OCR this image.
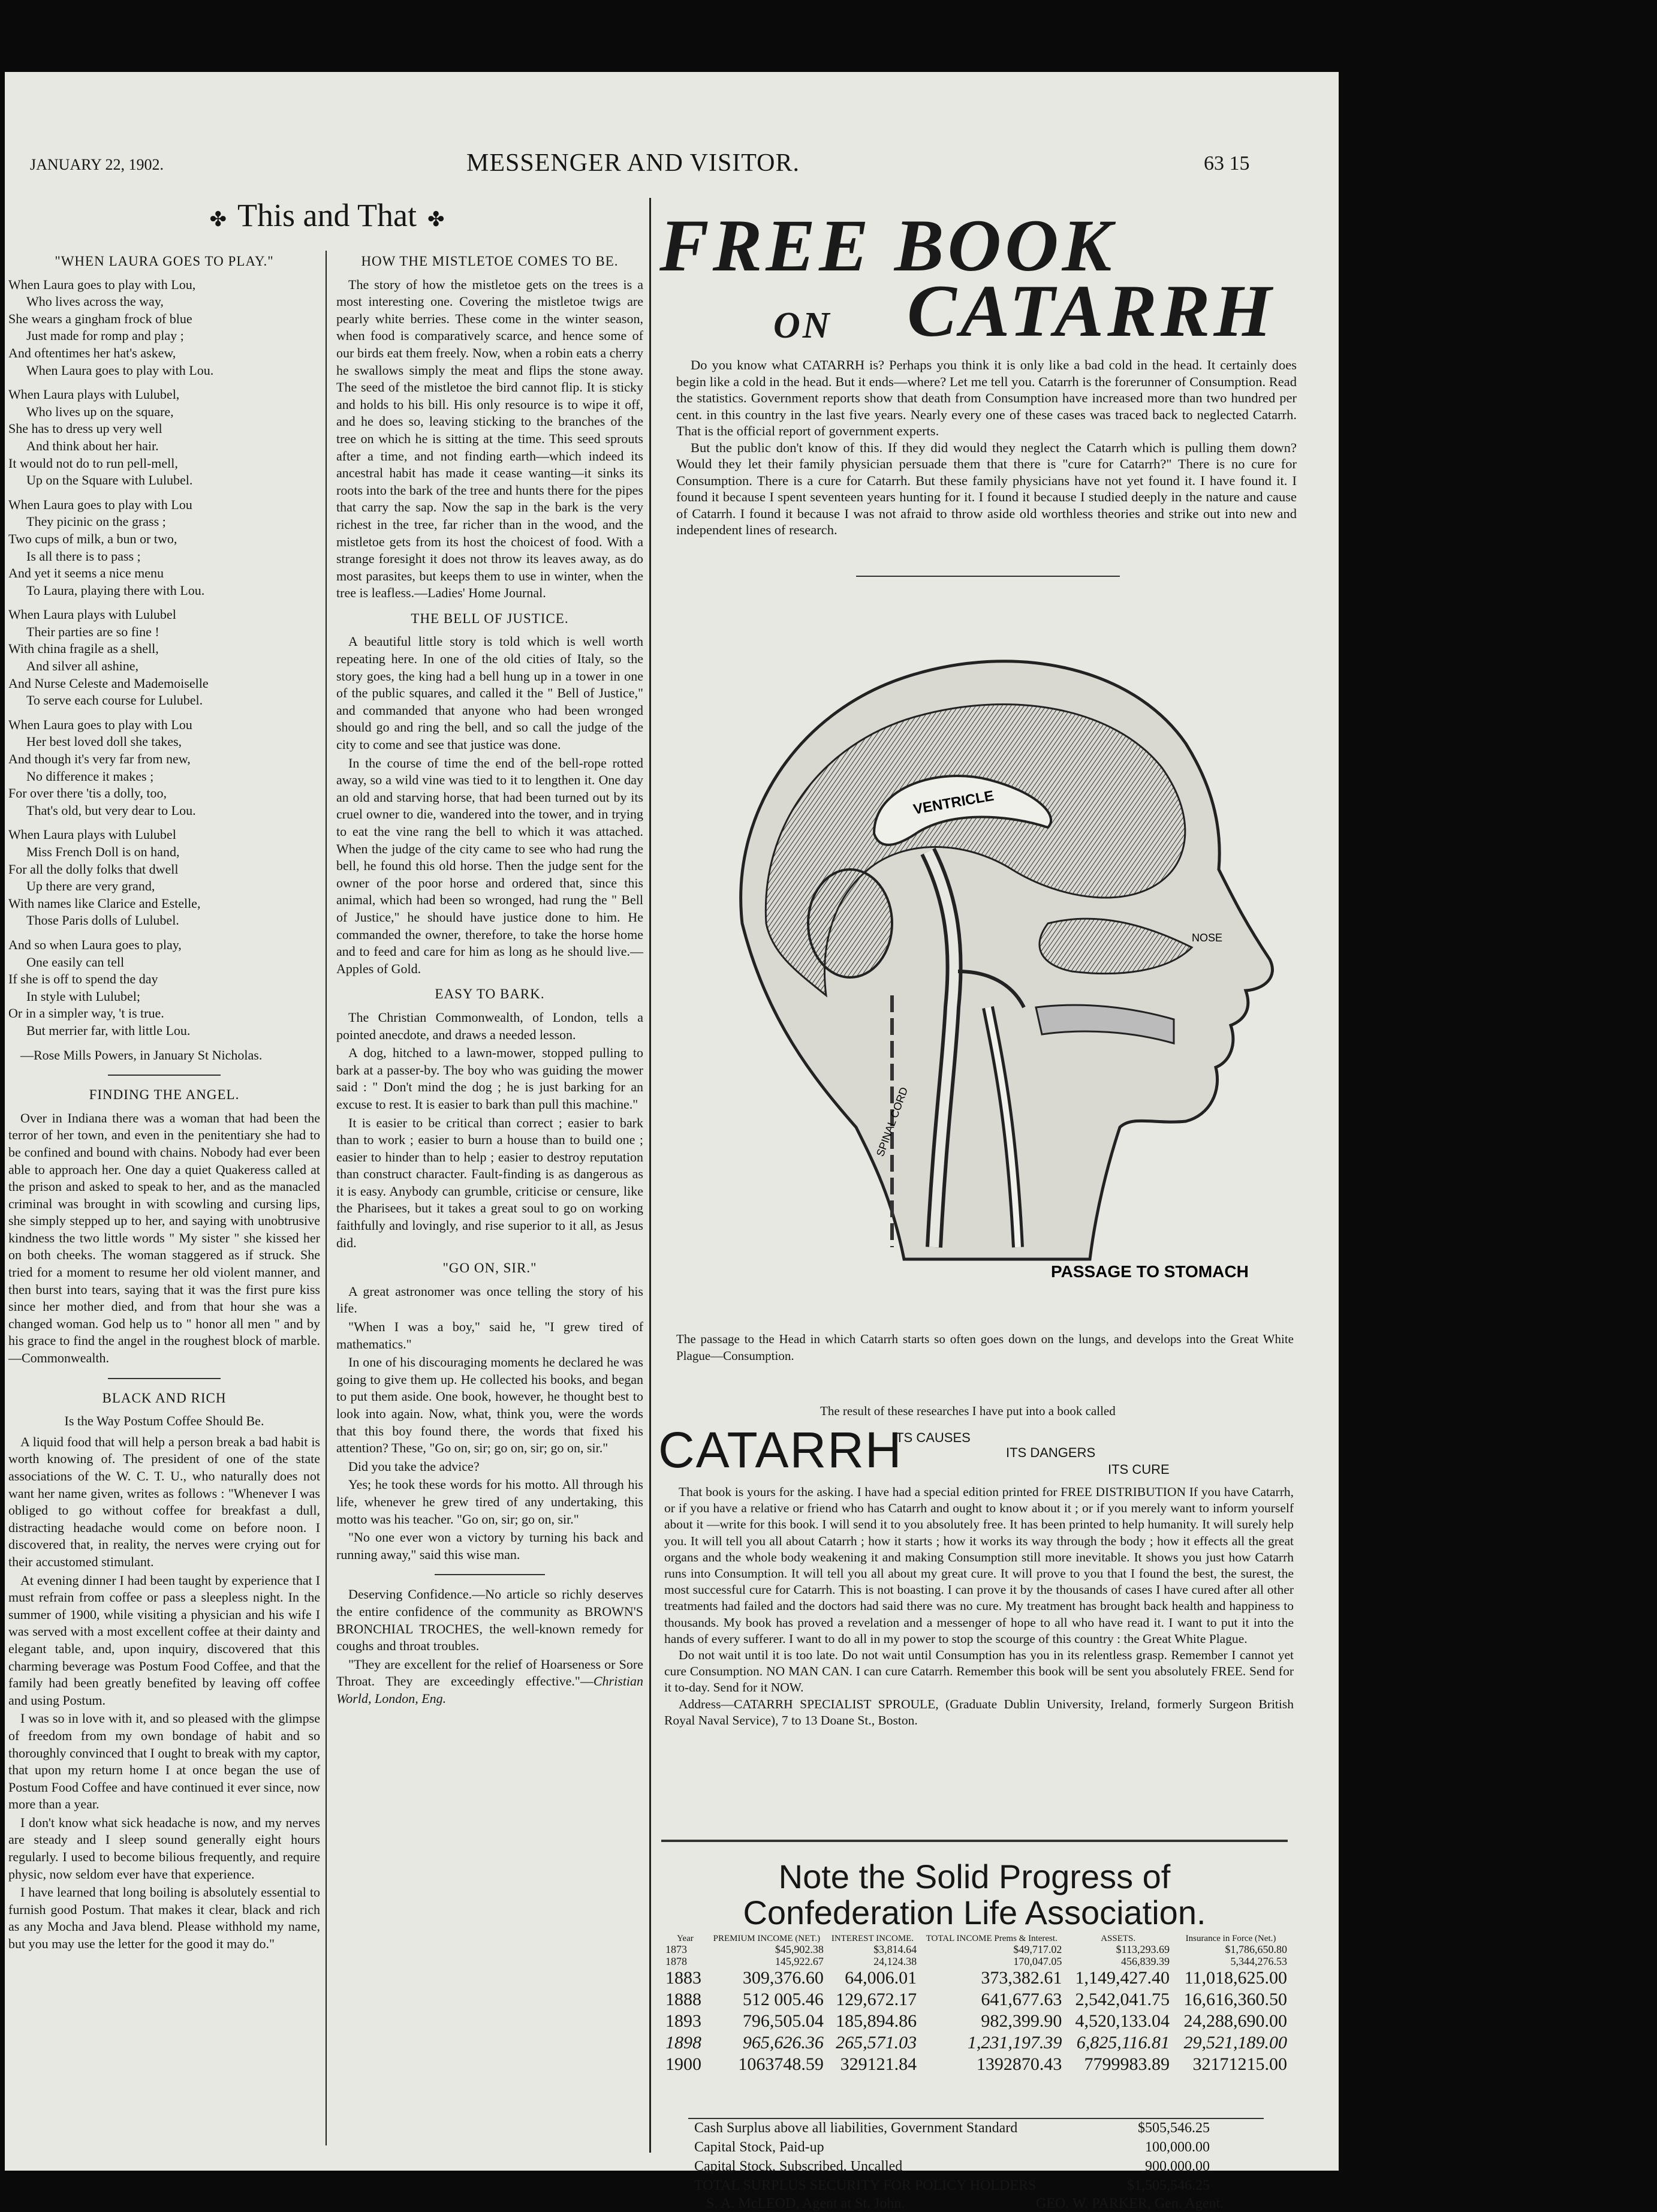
JANUARY 22, 1902.	MESSENGER AND VISITOR.	63 15
✤ This and That ✤
"WHEN LAURA GOES TO PLAY."

When Laura goes to play with Lou,

Who lives across the way,

She wears a gingham frock of blue

Just made for romp and play ;

And oftentimes her hat's askew,

When Laura goes to play with Lou.

When Laura plays with Lulubel,

Who lives up on the square,

She has to dress up very well

And think about her hair.

It would not do to run pell-mell,

Up on the Square with Lulubel.

When Laura goes to play with Lou

They picinic on the grass ;

Two cups of milk, a bun or two,

Is all there is to pass ;

And yet it seems a nice menu

To Laura, playing there with Lou.

When Laura plays with Lulubel

Their parties are so fine !

With china fragile as a shell,

And silver all ashine,

And Nurse Celeste and Mademoiselle

To serve each course for Lulubel.

When Laura goes to play with Lou

Her best loved doll she takes,

And though it's very far from new,

No difference it makes ;

For over there 'tis a dolly, too,

That's old, but very dear to Lou.

When Laura plays with Lulubel

Miss French Doll is on hand,

For all the dolly folks that dwell

Up there are very grand,

With names like Clarice and Estelle,

Those Paris dolls of Lulubel.

And so when Laura goes to play,

One easily can tell

If she is off to spend the day

In style with Lulubel;

Or in a simpler way, 't is true.

But merrier far, with little Lou.

—Rose Mills Powers, in January St Nicholas.

FINDING THE ANGEL.

Over in Indiana there was a woman that had been the terror of her town, and even in the penitentiary she had to be confined and bound with chains. Nobody had ever been able to approach her. One day a quiet Quakeress called at the prison and asked to speak to her, and as the manacled criminal was brought in with scowling and cursing lips, she simply stepped up to her, and saying with unobtrusive kindness the two little words " My sister " she kissed her on both cheeks. The woman staggered as if struck. She tried for a moment to resume her old violent manner, and then burst into tears, saying that it was the first pure kiss since her mother died, and from that hour she was a changed woman. God help us to " honor all men " and by his grace to find the angel in the roughest block of marble.—Commonwealth.

BLACK AND RICH
Is the Way Postum Coffee Should Be.

A liquid food that will help a person break a bad habit is worth knowing of. The president of one of the state associations of the W. C. T. U., who naturally does not want her name given, writes as follows : "Whenever I was obliged to go without coffee for breakfast a dull, distracting headache would come on before noon. I discovered that, in reality, the nerves were crying out for their accustomed stimulant.

At evening dinner I had been taught by experience that I must refrain from coffee or pass a sleepless night. In the summer of 1900, while visiting a physician and his wife I was served with a most excellent coffee at their dainty and elegant table, and, upon inquiry, discovered that this charming beverage was Postum Food Coffee, and that the family had been greatly benefited by leaving off coffee and using Postum.

I was so in love with it, and so pleased with the glimpse of freedom from my own bondage of habit and so thoroughly convinced that I ought to break with my captor, that upon my return home I at once began the use of Postum Food Coffee and have continued it ever since, now more than a year.

I don't know what sick headache is now, and my nerves are steady and I sleep sound generally eight hours regularly. I used to become bilious frequently, and require physic, now seldom ever have that experience.

I have learned that long boiling is absolutely essential to furnish good Postum. That makes it clear, black and rich as any Mocha and Java blend. Please withhold my name, but you may use the letter for the good it may do."

HOW THE MISTLETOE COMES TO BE.

The story of how the mistletoe gets on the trees is a most interesting one. Covering the mistletoe twigs are pearly white berries. These come in the winter season, when food is comparatively scarce, and hence some of our birds eat them freely. Now, when a robin eats a cherry he swallows simply the meat and flips the stone away. The seed of the mistletoe the bird cannot flip. It is sticky and holds to his bill. His only resource is to wipe it off, and he does so, leaving sticking to the branches of the tree on which he is sitting at the time. This seed sprouts after a time, and not finding earth—which indeed its ancestral habit has made it cease wanting—it sinks its roots into the bark of the tree and hunts there for the pipes that carry the sap. Now the sap in the bark is the very richest in the tree, far richer than in the wood, and the mistletoe gets from its host the choicest of food. With a strange foresight it does not throw its leaves away, as do most parasites, but keeps them to use in winter, when the tree is leafless.—Ladies' Home Journal.

THE BELL OF JUSTICE.

A beautiful little story is told which is well worth repeating here. In one of the old cities of Italy, so the story goes, the king had a bell hung up in a tower in one of the public squares, and called it the " Bell of Justice," and commanded that anyone who had been wronged should go and ring the bell, and so call the judge of the city to come and see that justice was done.

In the course of time the end of the bell-rope rotted away, so a wild vine was tied to it to lengthen it. One day an old and starving horse, that had been turned out by its cruel owner to die, wandered into the tower, and in trying to eat the vine rang the bell to which it was attached. When the judge of the city came to see who had rung the bell, he found this old horse. Then the judge sent for the owner of the poor horse and ordered that, since this animal, which had been so wronged, had rung the " Bell of Justice," he should have justice done to him. He commanded the owner, therefore, to take the horse home and to feed and care for him as long as he should live.—Apples of Gold.

EASY TO BARK.

The Christian Commonwealth, of London, tells a pointed anecdote, and draws a needed lesson.

A dog, hitched to a lawn-mower, stopped pulling to bark at a passer-by. The boy who was guiding the mower said : " Don't mind the dog ; he is just barking for an excuse to rest. It is easier to bark than pull this machine."

It is easier to be critical than correct ; easier to bark than to work ; easier to burn a house than to build one ; easier to hinder than to help ; easier to destroy reputation than construct character. Fault-finding is as dangerous as it is easy. Anybody can grumble, criticise or censure, like the Pharisees, but it takes a great soul to go on working faithfully and lovingly, and rise superior to it all, as Jesus did.

"GO ON, SIR."

A great astronomer was once telling the story of his life.

"When I was a boy," said he, "I grew tired of mathematics."

In one of his discouraging moments he declared he was going to give them up. He collected his books, and began to put them aside. One book, however, he thought best to look into again. Now, what, think you, were the words that this boy found there, the words that fixed his attention? These, "Go on, sir; go on, sir; go on, sir."

Did you take the advice?

Yes; he took these words for his motto. All through his life, whenever he grew tired of any undertaking, this motto was his teacher. "Go on, sir; go on, sir."

"No one ever won a victory by turning his back and running away," said this wise man.

Deserving Confidence.—No article so richly deserves the entire confidence of the community as BROWN'S BRONCHIAL TROCHES, the well-known remedy for coughs and throat troubles.

"They are excellent for the relief of Hoarseness or Sore Throat. They are exceedingly effective."—Christian World, London, Eng.

FREE BOOK
ON CATARRH

Do you know what CATARRH is? Perhaps you think it is only like a bad cold in the head. It certainly does begin like a cold in the head. But it ends—where? Let me tell you. Catarrh is the forerunner of Consumption. Read the statistics. Government reports show that death from Consumption have increased more than two hundred per cent. in this country in the last five years. Nearly every one of these cases was traced back to neglected Catarrh. That is the official report of government experts.

But the public don't know of this. If they did would they neglect the Catarrh which is pulling them down? Would they let their family physician persuade them that there is "cure for Catarrh?" There is no cure for Consumption. There is a cure for Catarrh. But these family physicians have not yet found it. I have found it. I found it because I spent seventeen years hunting for it. I found it because I studied deeply in the nature and cause of Catarrh. I found it because I was not afraid to throw aside old worthless theories and strike out into new and independent lines of research.

VENTRICLE
NOSE
SPINAL CORD
PASSAGE TO STOMACH
The passage to the Head in which Catarrh starts so often goes down on the lungs, and develops into the Great White Plague—Consumption.
The result of these researches I have put into a book called
CATARRH
ITS CAUSES
ITS DANGERS
ITS CURE

That book is yours for the asking. I have had a special edition printed for FREE DISTRIBUTION If you have Catarrh, or if you have a relative or friend who has Catarrh and ought to know about it ; or if you merely want to inform yourself about it —write for this book. I will send it to you absolutely free. It has been printed to help humanity. It will surely help you. It will tell you all about Catarrh ; how it starts ; how it works its way through the body ; how it effects all the great organs and the whole body weakening it and making Consumption still more inevitable. It shows you just how Catarrh runs into Consumption. It will tell you all about my great cure. It will prove to you that I found the best, the surest, the most successful cure for Catarrh. This is not boasting. I can prove it by the thousands of cases I have cured after all other treatments had failed and the doctors had said there was no cure. My treatment has brought back health and happiness to thousands. My book has proved a revelation and a messenger of hope to all who have read it. I want to put it into the hands of every sufferer. I want to do all in my power to stop the scourge of this country : the Great White Plague.

Do not wait until it is too late. Do not wait until Consumption has you in its relentless grasp. Remember I cannot yet cure Consumption. NO MAN CAN. I can cure Catarrh. Remember this book will be sent you absolutely FREE. Send for it to-day. Send for it NOW.

Address—CATARRH SPECIALIST SPROULE, (Graduate Dublin University, Ireland, formerly Surgeon British Royal Naval Service), 7 to 13 Doane St., Boston.

Note the Solid Progress of
Confederation Life Association.
Year	PREMIUM INCOME (NET.)	INTEREST INCOME.	TOTAL INCOME Prems & Interest.	ASSETS.	Insurance in Force (Net.)
1873	$45,902.38	$3,814.64	$49,717.02	$113,293.69	$1,786,650.80
1878	145,922.67	24,124.38	170,047.05	456,839.39	5,344,276.53
1883	309,376.60	64,006.01	373,382.61	1,149,427.40	11,018,625.00
1888	512 005.46	129,672.17	641,677.63	2,542,041.75	16,616,360.50
1893	796,505.04	185,894.86	982,399.90	4,520,133.04	24,288,690.00
1898	965,626.36	265,571.03	1,231,197.39	6,825,116.81	29,521,189.00
1900	1063748.59	329121.84	1392870.43	7799983.89	32171215.00
Cash Surplus above all liabilities, Government Standard	$505,546.25
Capital Stock, Paid-up	100,000.00
Capital Stock, Subscribed, Uncalled	900,000.00
TOTAL SURPLUS SECURITY FOR POLICY HOLDERS	$1,505,546.25
S. A. McLEOD, Agent at St. John.	GEO. W. PARKER, Gen. Agent.
